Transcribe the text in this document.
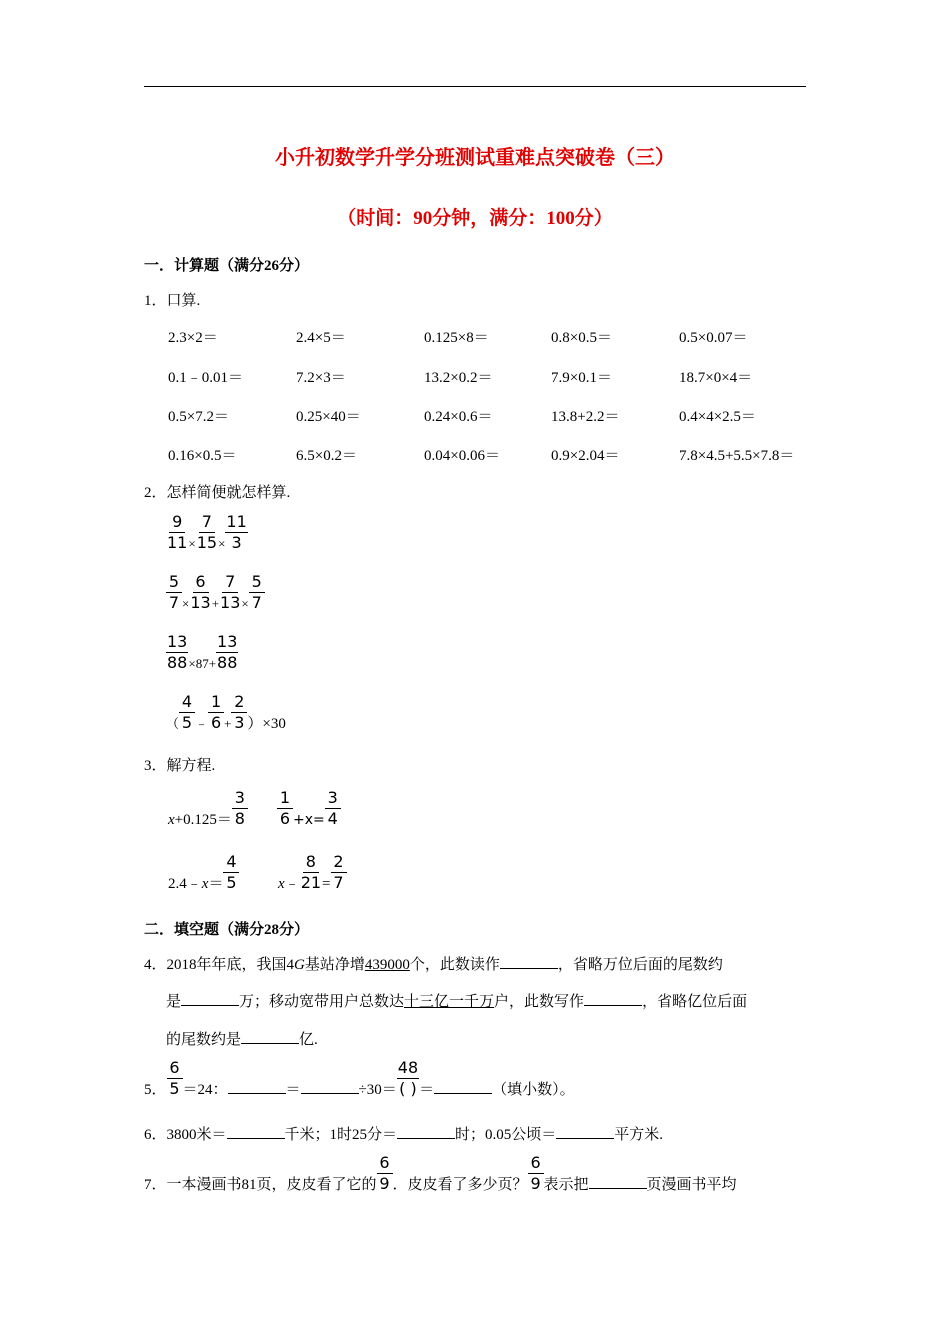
小升初数学升学分班测试重难点突破卷（三）
（时间：90分钟，满分：100分）
一．计算题（满分26分）
1．口算.
2.3×2＝	2.4×5＝	0.125×8＝	0.8×0.5＝	0.5×0.07＝
0.1﹣0.01＝	7.2×3＝	13.2×0.2＝	7.9×0.1＝	18.7×0×4＝
0.5×7.2＝	0.25×40＝	0.24×0.6＝	13.8+2.2＝	0.4×4×2.5＝
0.16×0.5＝	6.5×0.2＝	0.04×0.06＝	0.9×2.04＝	7.8×4.5+5.5×7.8＝
2．怎样简便就怎样算.
$\frac{9}{11} \times \frac{7}{15} \times \frac{11}{3}$
$\frac{5}{7} \times \frac{6}{13} + \frac{7}{13} \times \frac{5}{7}$
$\frac{13}{88} \times 87+ \frac{13}{88}$
（ $\frac{4}{5}$ ﹣ $\frac{1}{6} + \frac{2}{3} )\times 30$
3．解方程.
$x+0.125= \frac{3}{8} \frac{1}{6} +x= \frac{3}{4}$
2.4﹣x＝ $\frac{4}{5}$	x﹣ $\frac{8}{21} = \frac{2}{7}$
二．填空题（满分28分）
4．2018年年底，我国4G基站净增439000个，此数读作	，省略万位后面的尾数约
是	万；移动宽带用户总数达十三亿一千万户，此数写作	，省略亿位后面
的尾数约是	亿.
5． $\frac{6}{5} =24$：	＝	÷30＝
48
( ) ＝	（填小数）。
6．3800米＝	千米；1时25分＝	时；0.05公顷＝	平方米.
7．一本漫画书81页，皮皮看了它的 $\frac{6}{9}$ ．皮皮看了多少页？ $\frac{6}{9}$ 表示把	页漫画书平均
